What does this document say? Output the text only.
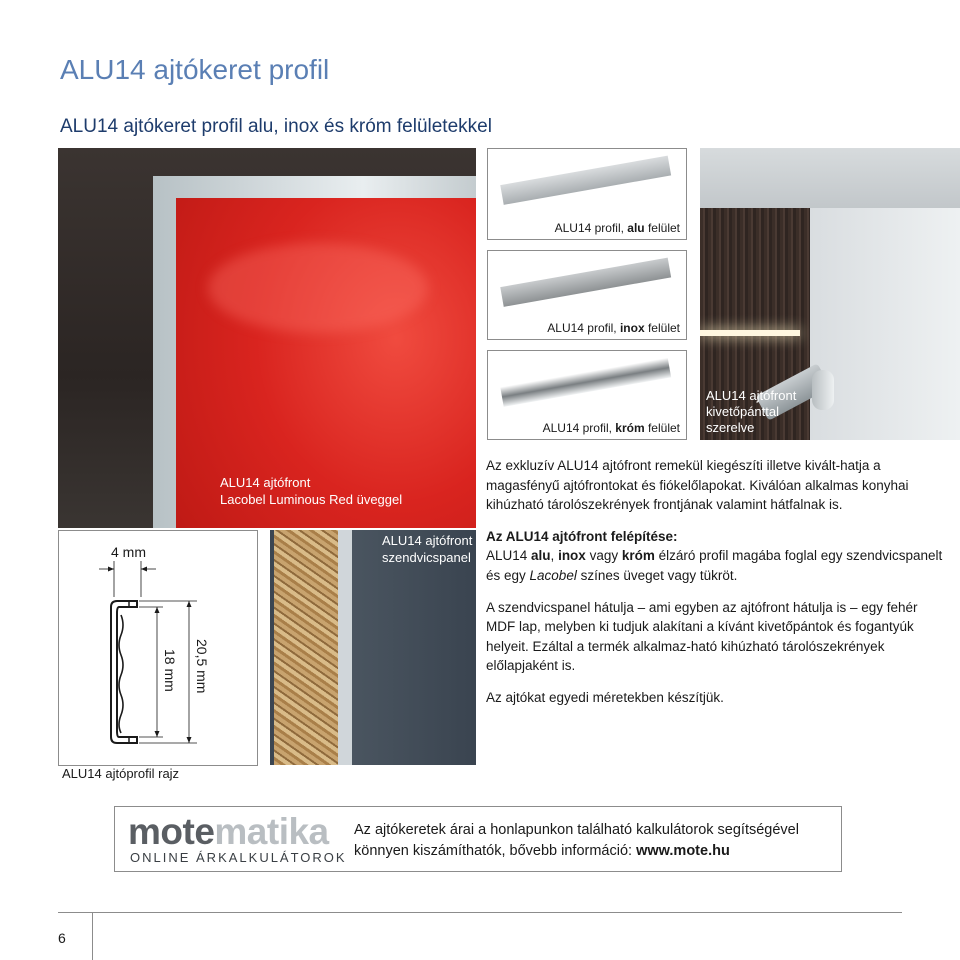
ALU14 ajtókeret profil
ALU14 ajtókeret profil alu, inox és króm felületekkel
ALU14 ajtófront
Lacobel Luminous Red üveggel
4 mm
18 mm 20,5 mm
ALU14 ajtóprofil rajz
ALU14 ajtófront
szendvicspanel
ALU14 profil, alu felület
ALU14 profil, inox felület
ALU14 profil, króm felület
ALU14 ajtófront
kivetőpánttal
szerelve

Az exkluzív ALU14 ajtófront remekül kiegészíti illetve kivált-hatja a magasfényű ajtófrontokat és fiókelőlapokat. Kiválóan alkalmas konyhai kihúzható tárolószekrények frontjának valamint hátfalnak is.

Az ALU14 ajtófront felépítése:

ALU14 alu, inox vagy króm élzáró profil magába foglal egy szendvicspanelt és egy Lacobel színes üveget vagy tükröt.

A szendvicspanel hátulja – ami egyben az ajtófront hátulja is – egy fehér MDF lap, melyben ki tudjuk alakítani a kívánt kivetőpántok és fogantyúk helyeit. Ezáltal a termék alkalmaz-ható kihúzható tárolószekrények előlapjaként is.

Az ajtókat egyedi méretekben készítjük.

motematika
ONLINE ÁRKALKULÁTOROK
Az ajtókeretek árai a honlapunkon található kalkulátorok segítségével
könnyen kiszámíthatók, bővebb információ: www.mote.hu
6
